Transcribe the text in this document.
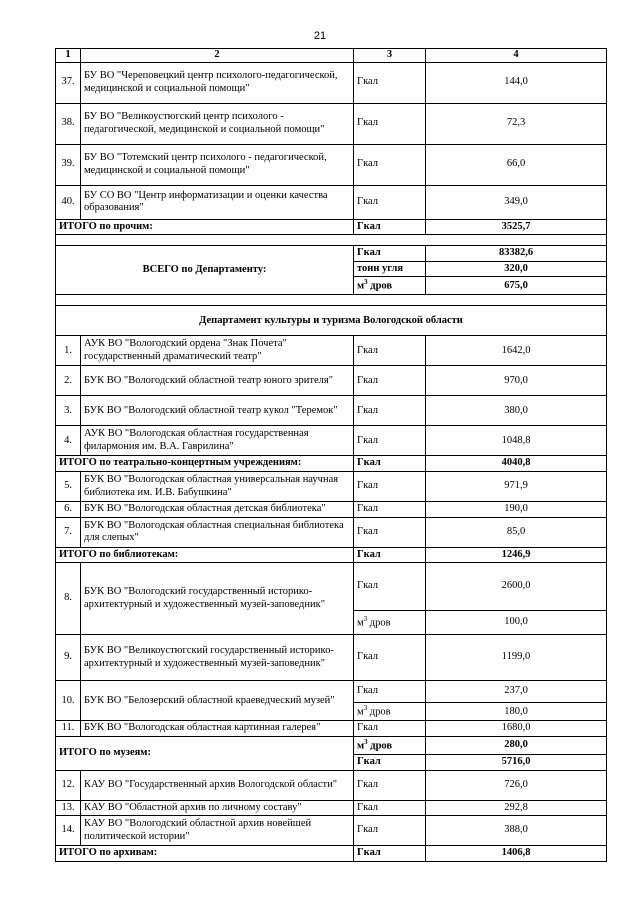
21
1	2	3	4
37.	БУ ВО "Череповецкий центр психолого-педагогической, медицинской и социальной помощи"	Гкал	144,0
38.	БУ ВО "Великоустюгский центр психолого - педагогической, медицинской и социальной помощи"	Гкал	72,3
39.	БУ ВО "Тотемский центр психолого - педагогической, медицинской и социальной помощи"	Гкал	66,0
40.	БУ СО ВО "Центр информатизации и оценки качества образования"	Гкал	349,0
ИТОГО по прочим:		Гкал	3525,7

ВСЕГО по Департаменту:		Гкал	83382,6
		тонн угля	320,0
		$м^3$ дров	675,0

Департамент культуры и туризма Вологодской области			
1.	АУК ВО "Вологодский ордена "Знак Почета" государственный драматический театр"	Гкал	1642,0
2.	БУК ВО "Вологодский областной театр юного зрителя"	Гкал	970,0
3.	БУК ВО "Вологодский областной театр кукол "Теремок"	Гкал	380,0
4.	АУК ВО "Вологодская областная государственная филармония им. В.А. Гаврилина"	Гкал	1048,8
ИТОГО по театрально-концертным учреждениям:		Гкал	4040,8
5.	БУК ВО "Вологодская областная универсальная научная библиотека им. И.В. Бабушкина"	Гкал	971,9
6.	БУК ВО "Вологодская областная детская библиотека"	Гкал	190,0
7.	БУК ВО "Вологодская областная специальная библиотека для слепых"	Гкал	85,0
ИТОГО по библиотекам:		Гкал	1246,9
8.	БУК ВО "Вологодский государственный историко-архитектурный и художественный музей-заповедник"	Гкал	2600,0
		$м^3$ дров	100,0
9.	БУК ВО "Великоустюгский государственный историко-архитектурный и художественный музей-заповедник"	Гкал	1199,0
10.	БУК ВО "Белозерский областной краеведческий музей"	Гкал	237,0
		$м^3$ дров	180,0
11.	БУК ВО "Вологодская областная картинная галерея"	Гкал	1680,0
ИТОГО по музеям:		$м^3$ дров	280,0
		Гкал	5716,0
12.	КАУ ВО "Государственный архив Вологодской области"	Гкал	726,0
13.	КАУ ВО "Областной архив по личному составу"	Гкал	292,8
14.	КАУ ВО "Вологодский областной архив новейшей политической истории"	Гкал	388,0
ИТОГО по архивам:		Гкал	1406,8
